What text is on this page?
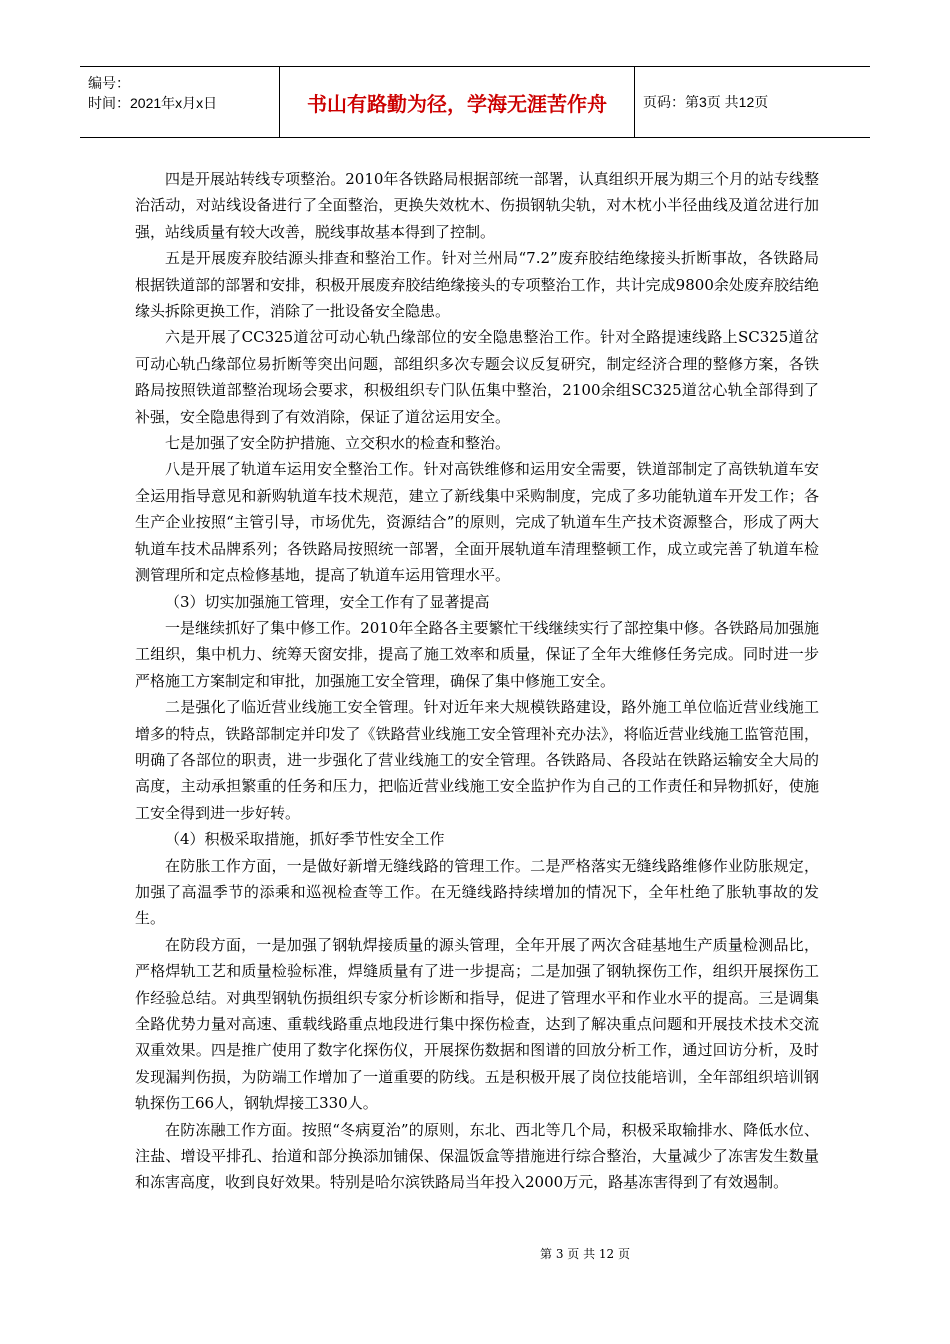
编号：
时间：2021年x月x日	书山有路勤为径，学海无涯苦作舟	页码：第3页 共12页

四是开展站转线专项整治。2010年各铁路局根据部统一部署，认真组织开展为期三个月的站专线整治活动，对站线设备进行了全面整治，更换失效枕木、伤损钢轨尖轨，对木枕小半径曲线及道岔进行加强，站线质量有较大改善，脱线事故基本得到了控制。

五是开展废弃胶结源头排查和整治工作。针对兰州局“7.2”废弃胶结绝缘接头折断事故，各铁路局根据铁道部的部署和安排，积极开展废弃胶结绝缘接头的专项整治工作，共计完成9800余处废弃胶结绝缘头拆除更换工作，消除了一批设备安全隐患。

六是开展了CC325道岔可动心轨凸缘部位的安全隐患整治工作。针对全路提速线路上SC325道岔可动心轨凸缘部位易折断等突出问题，部组织多次专题会议反复研究，制定经济合理的整修方案，各铁路局按照铁道部整治现场会要求，积极组织专门队伍集中整治，2100余组SC325道岔心轨全部得到了补强，安全隐患得到了有效消除，保证了道岔运用安全。

七是加强了安全防护措施、立交积水的检查和整治。

八是开展了轨道车运用安全整治工作。针对高铁维修和运用安全需要，铁道部制定了高铁轨道车安全运用指导意见和新购轨道车技术规范，建立了新线集中采购制度，完成了多功能轨道车开发工作；各生产企业按照“主管引导，市场优先，资源结合”的原则，完成了轨道车生产技术资源整合，形成了两大轨道车技术品牌系列；各铁路局按照统一部署，全面开展轨道车清理整顿工作，成立或完善了轨道车检测管理所和定点检修基地，提高了轨道车运用管理水平。

（3）切实加强施工管理，安全工作有了显著提高

一是继续抓好了集中修工作。2010年全路各主要繁忙干线继续实行了部控集中修。各铁路局加强施工组织，集中机力、统筹天窗安排，提高了施工效率和质量，保证了全年大维修任务完成。同时进一步严格施工方案制定和审批，加强施工安全管理，确保了集中修施工安全。

二是强化了临近营业线施工安全管理。针对近年来大规模铁路建设，路外施工单位临近营业线施工增多的特点，铁路部制定并印发了《铁路营业线施工安全管理补充办法》，将临近营业线施工监管范围，明确了各部位的职责，进一步强化了营业线施工的安全管理。各铁路局、各段站在铁路运输安全大局的高度，主动承担繁重的任务和压力，把临近营业线施工安全监护作为自己的工作责任和异物抓好，使施工安全得到进一步好转。

（4）积极采取措施，抓好季节性安全工作

在防胀工作方面，一是做好新增无缝线路的管理工作。二是严格落实无缝线路维修作业防胀规定，加强了高温季节的添乘和巡视检查等工作。在无缝线路持续增加的情况下，全年杜绝了胀轨事故的发生。

在防段方面，一是加强了钢轨焊接质量的源头管理，全年开展了两次含硅基地生产质量检测品比，严格焊轨工艺和质量检验标准，焊缝质量有了进一步提高；二是加强了钢轨探伤工作，组织开展探伤工作经验总结。对典型钢轨伤损组织专家分析诊断和指导，促进了管理水平和作业水平的提高。三是调集全路优势力量对高速、重载线路重点地段进行集中探伤检查，达到了解决重点问题和开展技术技术交流双重效果。四是推广使用了数字化探伤仪，开展探伤数据和图谱的回放分析工作，通过回访分析，及时发现漏判伤损，为防端工作增加了一道重要的防线。五是积极开展了岗位技能培训，全年部组织培训钢轨探伤工66人，钢轨焊接工330人。

在防冻融工作方面。按照“冬病夏治”的原则，东北、西北等几个局，积极采取输排水、降低水位、注盐、增设平排孔、抬道和部分换添加铺保、保温饭盒等措施进行综合整治，大量减少了冻害发生数量和冻害高度，收到良好效果。特别是哈尔滨铁路局当年投入2000万元，路基冻害得到了有效遏制。

第 3 页 共 12 页
